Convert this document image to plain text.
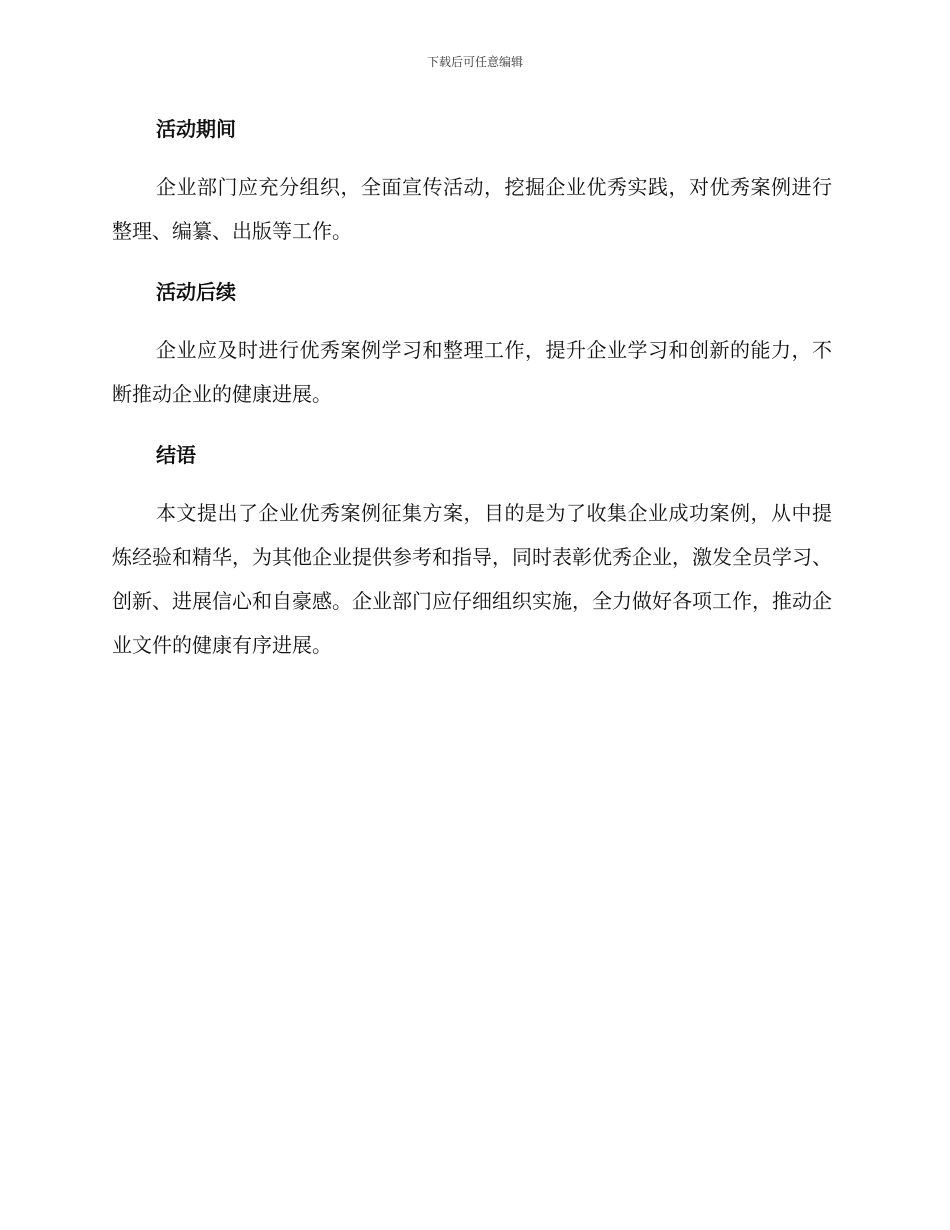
下载后可任意编辑
活动期间

企业部门应充分组织，全面宣传活动，挖掘企业优秀实践，对优秀案例进行整理、编纂、出版等工作。

活动后续

企业应及时进行优秀案例学习和整理工作，提升企业学习和创新的能力，不断推动企业的健康进展。

结语

本文提出了企业优秀案例征集方案，目的是为了收集企业成功案例，从中提炼经验和精华，为其他企业提供参考和指导，同时表彰优秀企业，激发全员学习、创新、进展信心和自豪感。企业部门应仔细组织实施，全力做好各项工作，推动企业文件的健康有序进展。
